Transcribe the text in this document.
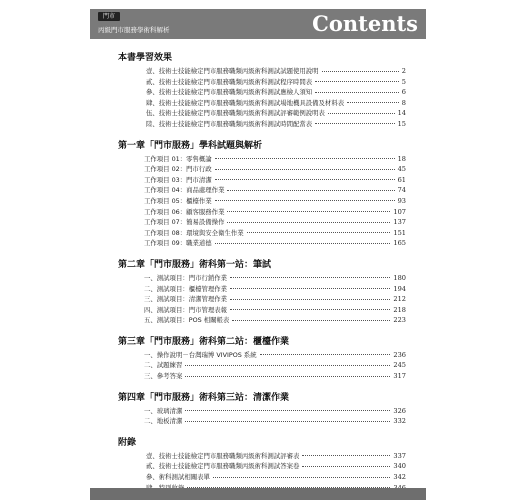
門市
丙級門市服務學術科解析	Contents
本書學習效果
壹、技術士技能檢定門市服務職類丙級術科測試試題使用說明	2
貳、技術士技能檢定門市服務職類丙級術科測試程序時間表	5
參、技術士技能檢定門市服務職類丙級術科測試應檢人須知	6
肆、技術士技能檢定門市服務職類丙級術科測試場地機具設備及材料表	8
伍、技術士技能檢定門市服務職類丙級術科測試評審範例說明表	14
陸、技術士技能檢定門市服務職類丙級術科測試時間配當表	15
第一章「門市服務」學科試題與解析
工作項目 01：零售概論	18
工作項目 02：門市行政	45
工作項目 03：門市清潔	61
工作項目 04：商品處理作業	74
工作項目 05：櫃檯作業	93
工作項目 06：顧客服務作業	107
工作項目 07：簡易設備操作	137
工作項目 08：環境與安全衛生作業	151
工作項目 09：職業道德	165
第二章「門市服務」術科第一站：筆試
一、測試項目：門市行銷作業	180
二、測試項目：櫃檯管理作業	194
三、測試項目：清潔管理作業	212
四、測試項目：門市管理表報	218
五、測試項目：POS 相關帳表	223
第三章「門市服務」術科第二站：櫃檯作業
一、操作說明－台灣瑞博 VIVIPOS 系統	236
二、試題練習	245
三、參考答案	317
第四章「門市服務」術科第三站：清潔作業
一、玻璃清潔	326
二、地板清潔	332
附錄
壹、技術士技能檢定門市服務職類丙級術科測試評審表	337
貳、技術士技能檢定門市服務職類丙級術科測試答案卷	340
參、術科測試相關表單	342
